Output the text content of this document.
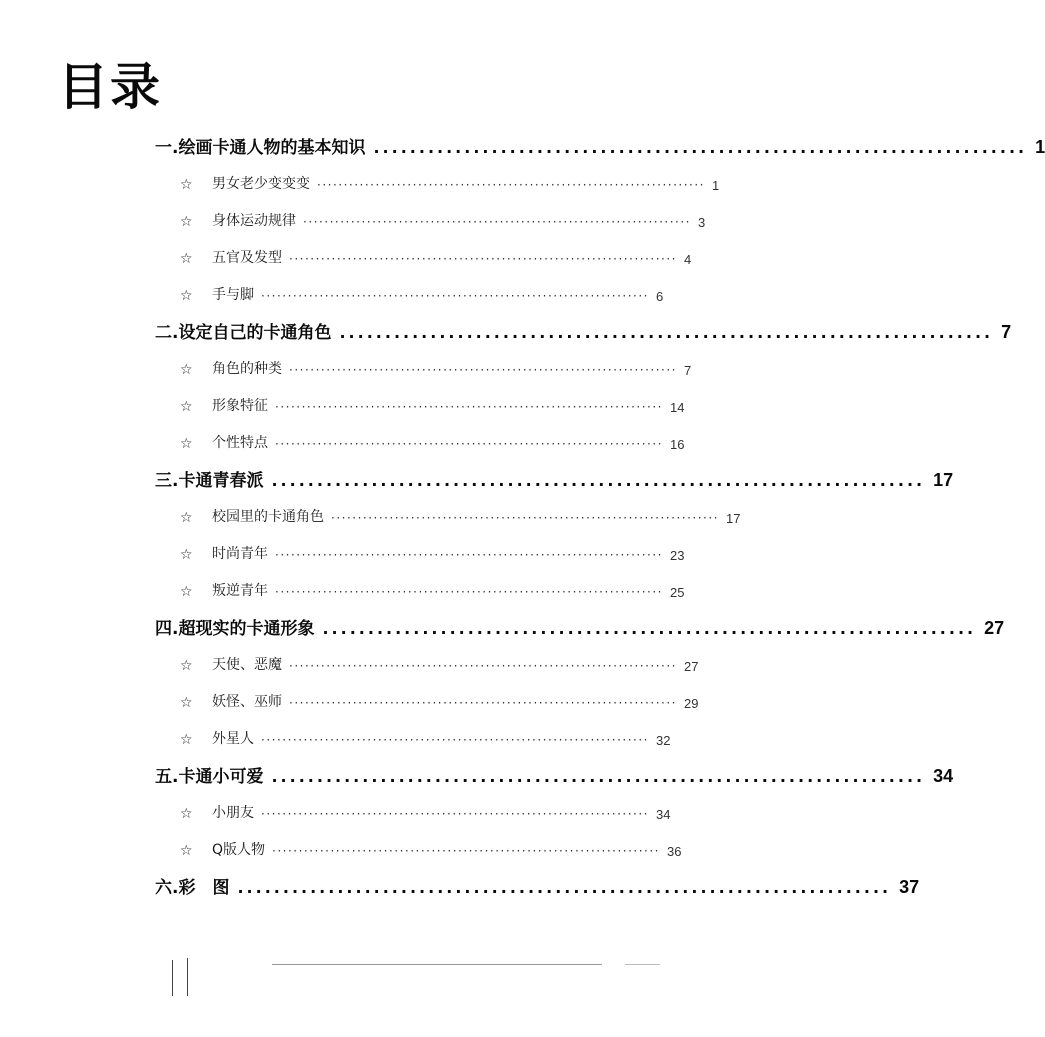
目录
一.绘画卡通人物的基本知识 ........................................................................ 1
☆	男女老少变变变 ········································································· 1
☆	身体运动规律 ········································································· 3
☆	五官及发型 ········································································· 4
☆	手与脚 ········································································· 6
二.设定自己的卡通角色 ........................................................................ 7
☆	角色的种类 ········································································· 7
☆	形象特征 ········································································· 14
☆	个性特点 ········································································· 16
三.卡通青春派 ........................................................................ 17
☆	校园里的卡通角色 ········································································· 17
☆	时尚青年 ········································································· 23
☆	叛逆青年 ········································································· 25
四.超现实的卡通形象 ........................................................................ 27
☆	天使、恶魔 ········································································· 27
☆	妖怪、巫师 ········································································· 29
☆	外星人 ········································································· 32
五.卡通小可爱 ........................................................................ 34
☆	小朋友 ········································································· 34
☆	Q版人物 ········································································· 36
六.彩　图 ........................................................................ 37
